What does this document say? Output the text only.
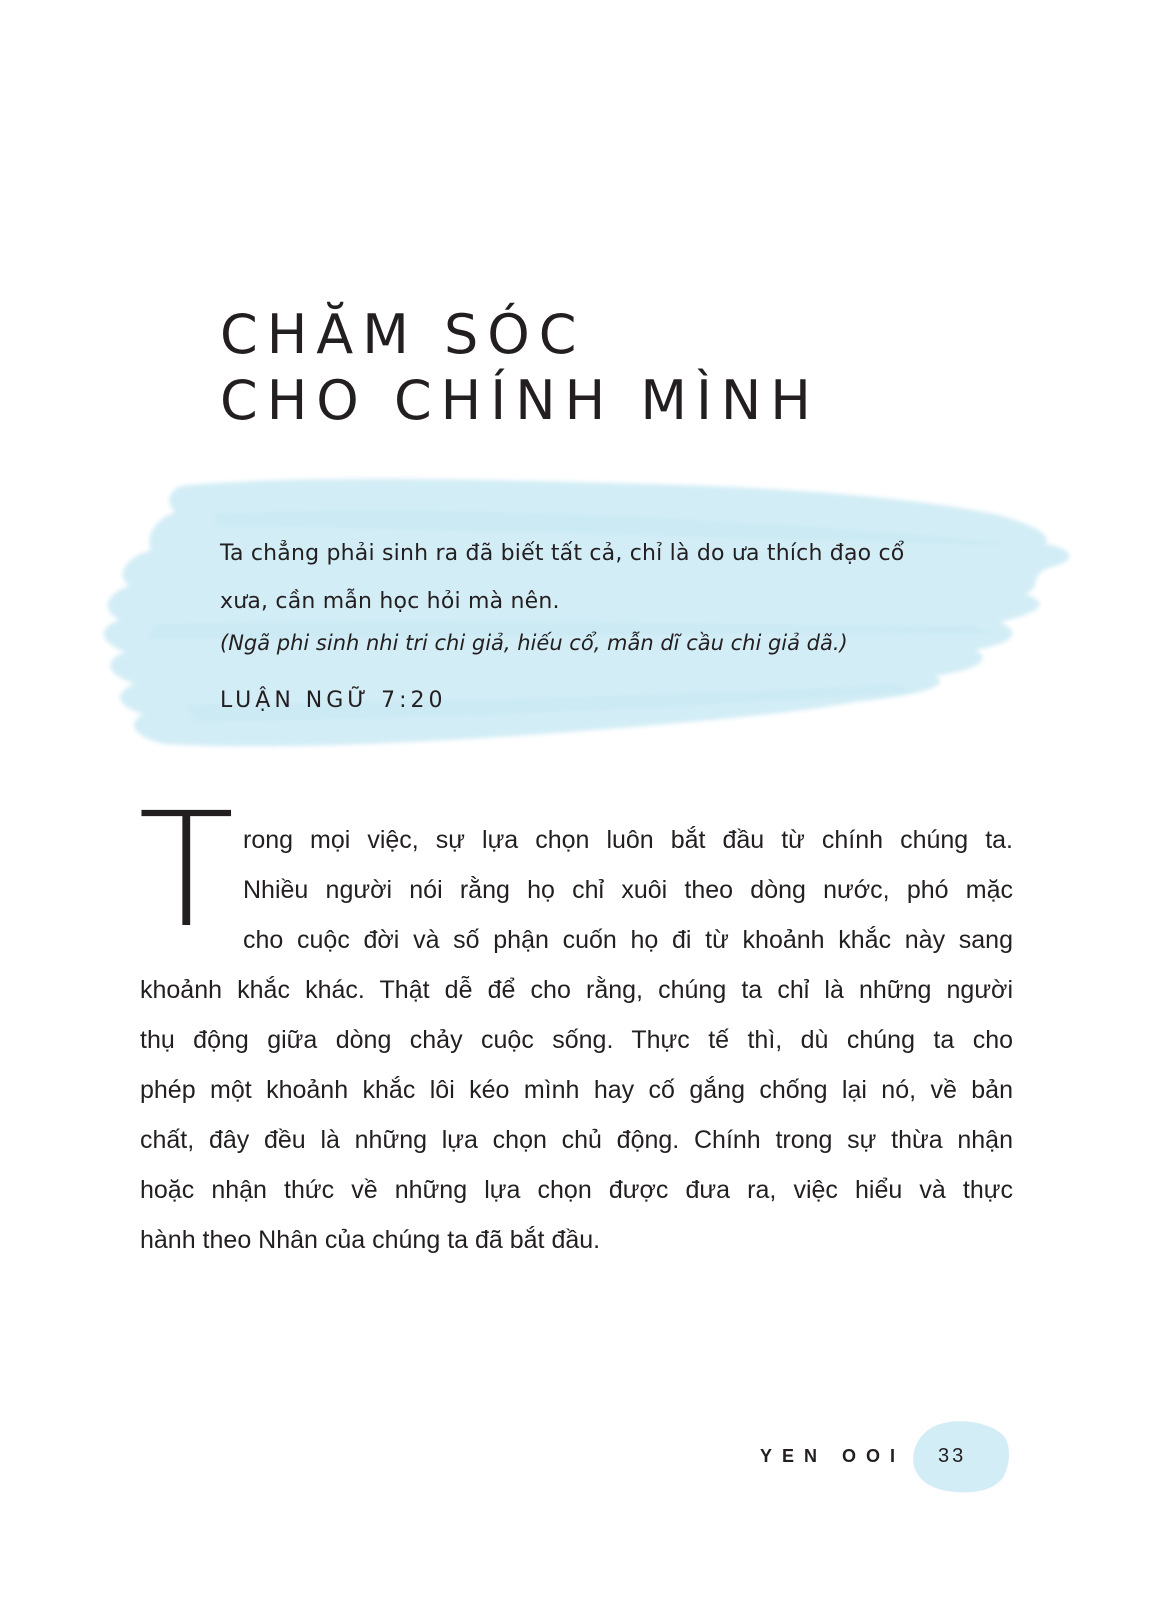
CHĂM SÓC
CHO CHÍNH MÌNH

Ta chẳng phải sinh ra đã biết tất cả, chỉ là do ưa thích đạo cổ
xưa, cần mẫn học hỏi mà nên.

(Ngã phi sinh nhi tri chi giả, hiếu cổ, mẫn dĩ cầu chi giả dã.)

LUẬN NGỮ 7:20
T rong mọi việc, sự lựa chọn luôn bắt đầu từ chính chúng ta.
Nhiều người nói rằng họ chỉ xuôi theo dòng nước, phó mặc
cho cuộc đời và số phận cuốn họ đi từ khoảnh khắc này sang
khoảnh khắc khác. Thật dễ để cho rằng, chúng ta chỉ là những người
thụ động giữa dòng chảy cuộc sống. Thực tế thì, dù chúng ta cho
phép một khoảnh khắc lôi kéo mình hay cố gắng chống lại nó, về bản
chất, đây đều là những lựa chọn chủ động. Chính trong sự thừa nhận
hoặc nhận thức về những lựa chọn được đưa ra, việc hiểu và thực
hành theo Nhân của chúng ta đã bắt đầu.
YEN OOI 33
